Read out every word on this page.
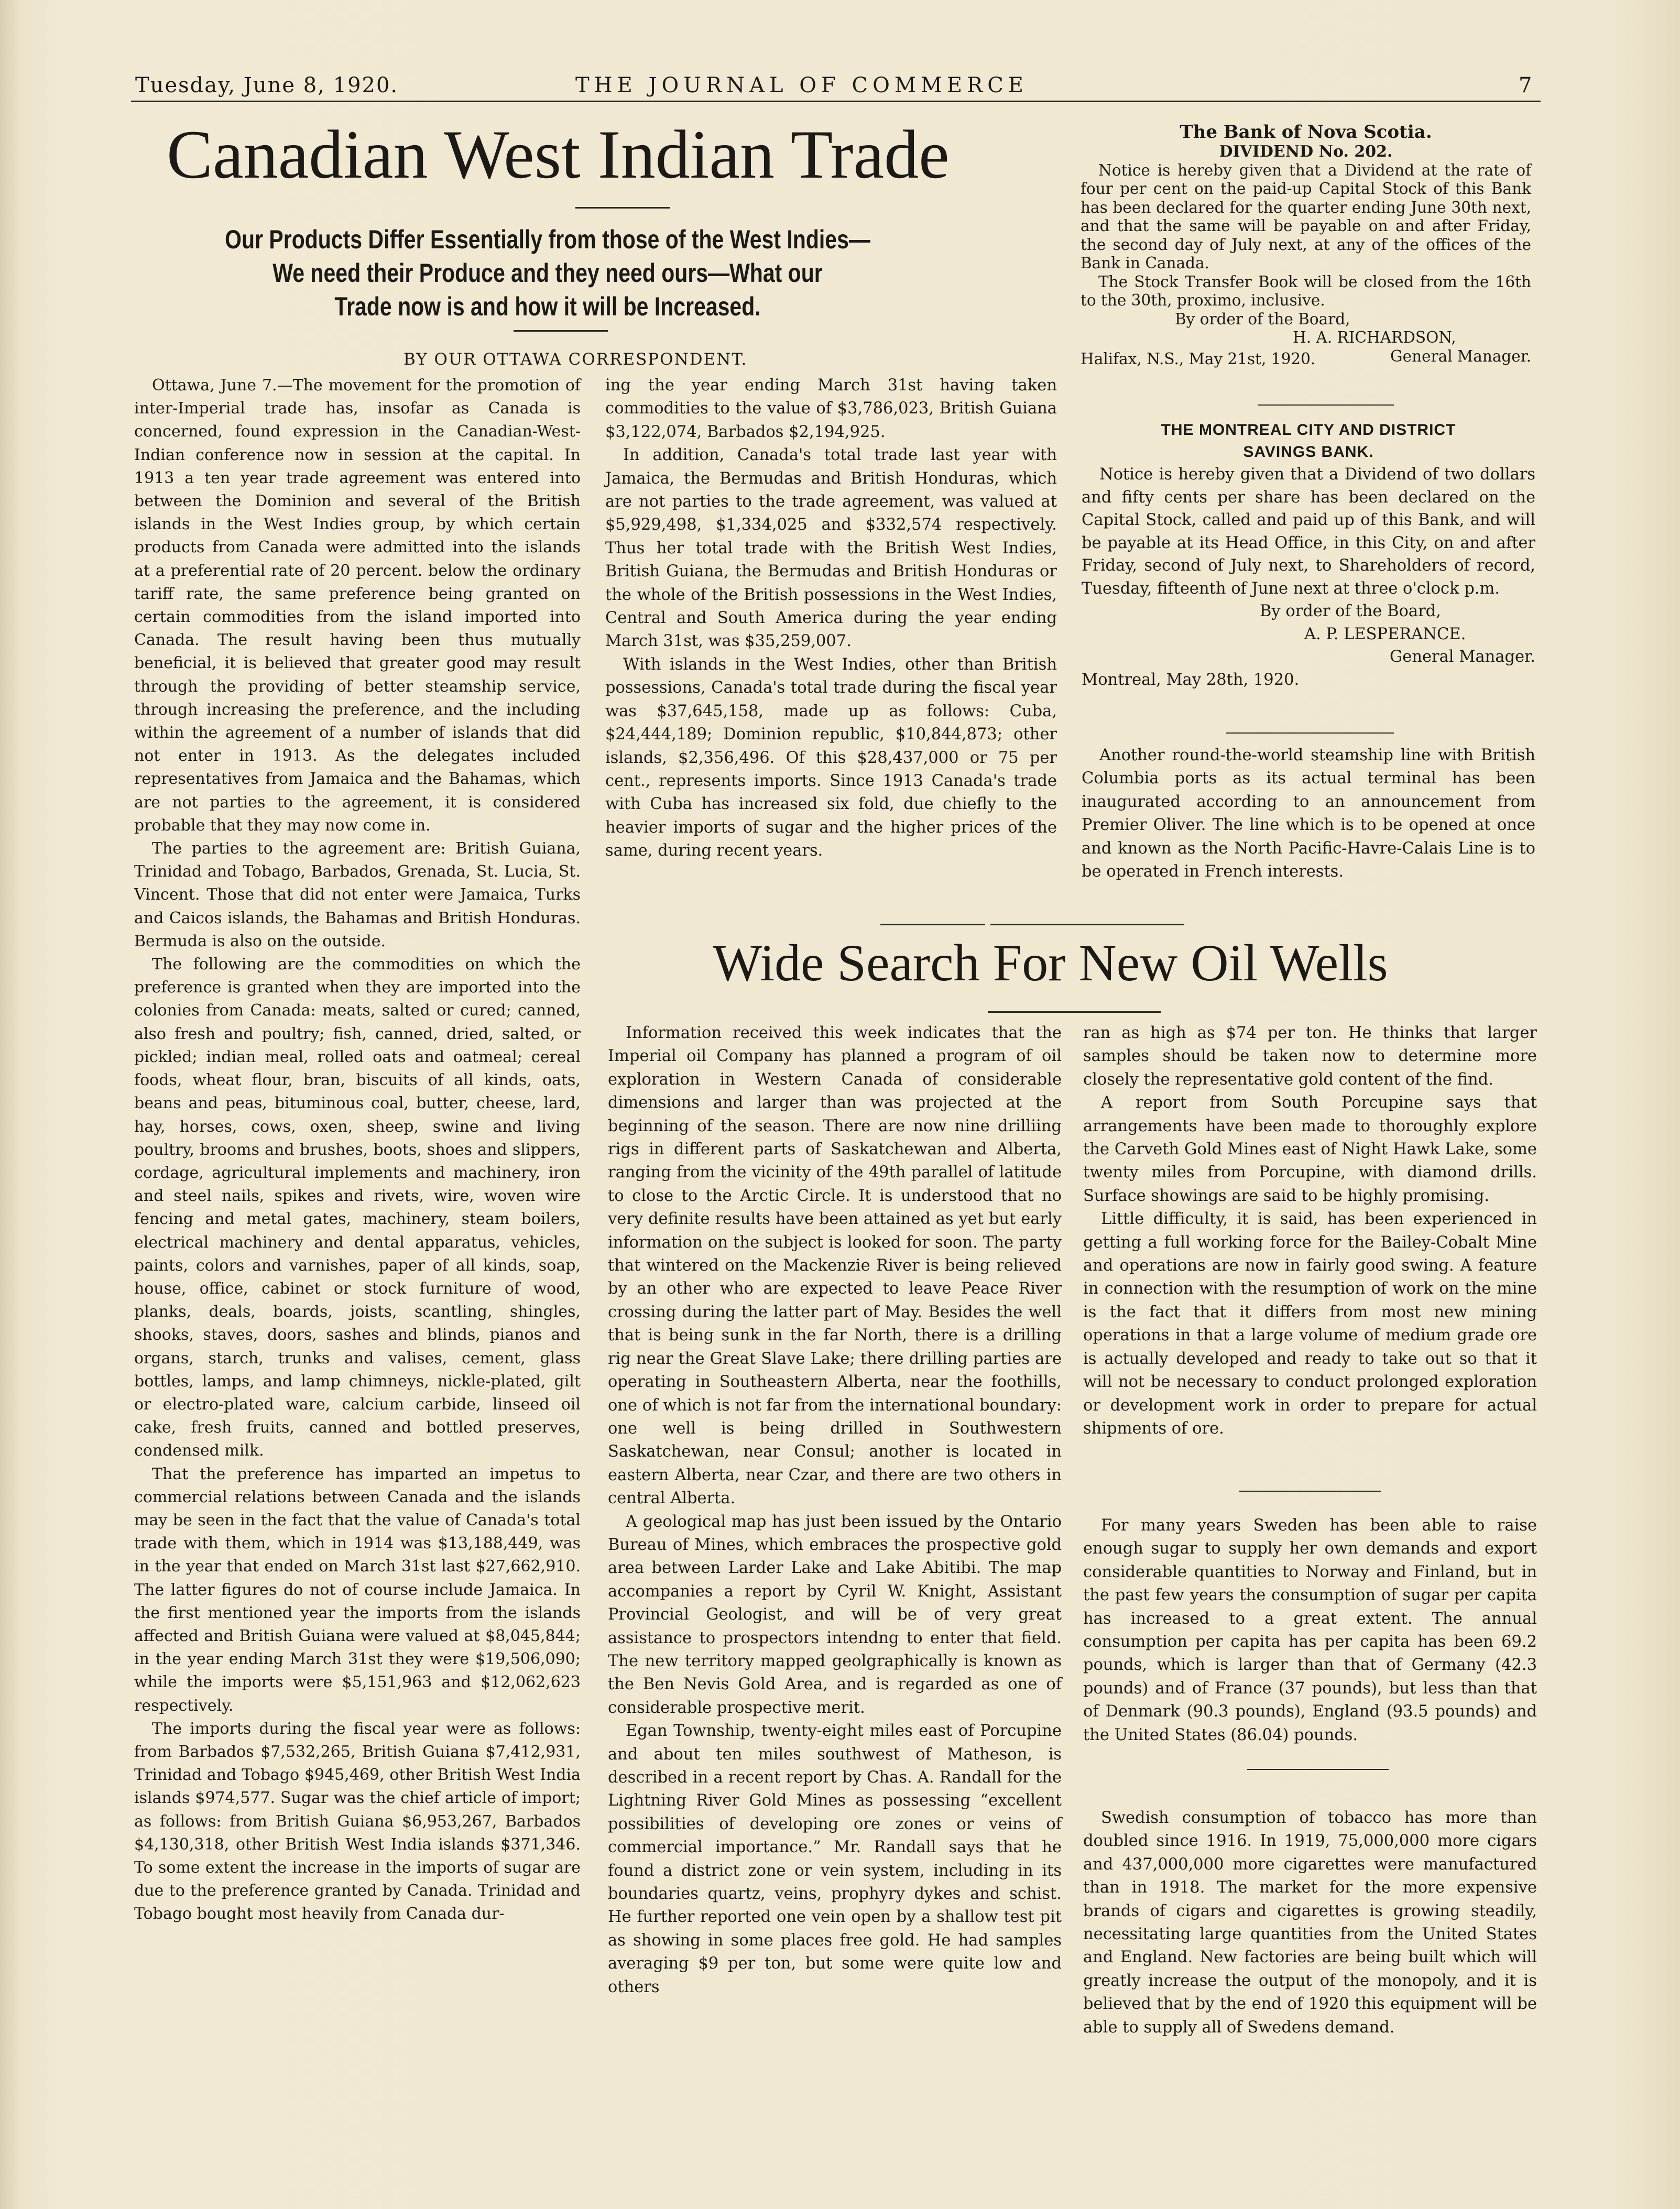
Tuesday, June 8, 1920.	THE JOURNAL OF COMMERCE	7
Canadian West Indian Trade
Our Products Differ Essentially from those of the West Indies—
We need their Produce and they need ours—What our
Trade now is and how it will be Increased.
BY OUR OTTAWA CORRESPONDENT.

Ottawa, June 7.—The movement for the promotion of inter-Imperial trade has, insofar as Canada is concerned, found expression in the Canadian-West-Indian conference now in session at the capital. In 1913 a ten year trade agreement was entered into between the Dominion and several of the British islands in the West Indies group, by which certain products from Canada were admitted into the islands at a preferential rate of 20 percent. below the ordinary tariff rate, the same preference being granted on certain commodities from the island imported into Canada. The result having been thus mutually beneficial, it is believed that greater good may result through the providing of better steamship service, through increasing the preference, and the including within the agreement of a number of islands that did not enter in 1913. As the delegates included representatives from Jamaica and the Bahamas, which are not parties to the agreement, it is considered probable that they may now come in.

The parties to the agreement are: British Guiana, Trinidad and Tobago, Barbados, Grenada, St. Lucia, St. Vincent. Those that did not enter were Jamaica, Turks and Caicos islands, the Bahamas and British Honduras. Bermuda is also on the outside.

The following are the commodities on which the preference is granted when they are imported into the colonies from Canada: meats, salted or cured; canned, also fresh and poultry; fish, canned, dried, salted, or pickled; indian meal, rolled oats and oatmeal; cereal foods, wheat flour, bran, biscuits of all kinds, oats, beans and peas, bituminous coal, butter, cheese, lard, hay, horses, cows, oxen, sheep, swine and living poultry, brooms and brushes, boots, shoes and slippers, cordage, agricultural implements and machinery, iron and steel nails, spikes and rivets, wire, woven wire fencing and metal gates, machinery, steam boilers, electrical machinery and dental apparatus, vehicles, paints, colors and varnishes, paper of all kinds, soap, house, office, cabinet or stock furniture of wood, planks, deals, boards, joists, scantling, shingles, shooks, staves, doors, sashes and blinds, pianos and organs, starch, trunks and valises, cement, glass bottles, lamps, and lamp chimneys, nickle-plated, gilt or electro-plated ware, calcium carbide, linseed oil cake, fresh fruits, canned and bottled preserves, condensed milk.

That the preference has imparted an impetus to commercial relations between Canada and the islands may be seen in the fact that the value of Canada's total trade with them, which in 1914 was $13,188,449, was in the year that ended on March 31st last $27,662,910. The latter figures do not of course include Jamaica. In the first mentioned year the imports from the islands affected and British Guiana were valued at $8,045,844; in the year ending March 31st they were $19,506,090; while the imports were $5,151,963 and $12,062,623 respectively.

The imports during the fiscal year were as follows: from Barbados $7,532,265, British Guiana $7,412,931, Trinidad and Tobago $945,469, other British West India islands $974,577. Sugar was the chief article of import; as follows: from British Guiana $6,953,267, Barbados $4,130,318, other British West India islands $371,346. To some extent the increase in the imports of sugar are due to the preference granted by Canada. Trinidad and Tobago bought most heavily from Canada dur-

ing the year ending March 31st having taken commodities to the value of $3,786,023, British Guiana $3,122,074, Barbados $2,194,925.

In addition, Canada's total trade last year with Jamaica, the Bermudas and British Honduras, which are not parties to the trade agreement, was valued at $5,929,498, $1,334,025 and $332,574 respectively. Thus her total trade with the British West Indies, British Guiana, the Bermudas and British Honduras or the whole of the British possessions in the West Indies, Central and South America during the year ending March 31st, was $35,259,007.

With islands in the West Indies, other than British possessions, Canada's total trade during the fiscal year was $37,645,158, made up as follows: Cuba, $24,444,189; Dominion republic, $10,844,873; other islands, $2,356,496. Of this $28,437,000 or 75 per cent., represents imports. Since 1913 Canada's trade with Cuba has increased six fold, due chiefly to the heavier imports of sugar and the higher prices of the same, during recent years.

The Bank of Nova Scotia.
DIVIDEND No. 202.
Notice is hereby given that a Dividend at the rate of four per cent on the paid-up Capital Stock of this Bank has been declared for the quarter ending June 30th next, and that the same will be payable on and after Friday, the second day of July next, at any of the offices of the Bank in Canada.
The Stock Transfer Book will be closed from the 16th to the 30th, proximo, inclusive.
By order of the Board,
H. A. RICHARDSON,
General Manager.
Halifax, N.S., May 21st, 1920.
THE MONTREAL CITY AND DISTRICT
SAVINGS BANK.
Notice is hereby given that a Dividend of two dollars and fifty cents per share has been declared on the Capital Stock, called and paid up of this Bank, and will be payable at its Head Office, in this City, on and after Friday, second of July next, to Shareholders of record, Tuesday, fifteenth of June next at three o'clock p.m.
By order of the Board,
A. P. LESPERANCE.
General Manager.
Montreal, May 28th, 1920.

Another round-the-world steamship line with British Columbia ports as its actual terminal has been inaugurated according to an announcement from Premier Oliver. The line which is to be opened at once and known as the North Pacific-Havre-Calais Line is to be operated in French interests.

Wide Search For New Oil Wells

Information received this week indicates that the Imperial oil Company has planned a program of oil exploration in Western Canada of considerable dimensions and larger than was projected at the beginning of the season. There are now nine drilliing rigs in different parts of Saskatchewan and Alberta, ranging from the vicinity of the 49th parallel of latitude to close to the Arctic Circle. It is understood that no very definite results have been attained as yet but early information on the subject is looked for soon. The party that wintered on the Mackenzie River is being relieved by an other who are expected to leave Peace River crossing during the latter part of May. Besides the well that is being sunk in the far North, there is a drilling rig near the Great Slave Lake; there drilling parties are operating in Southeastern Alberta, near the foothills, one of which is not far from the international boundary: one well is being drilled in Southwestern Saskatchewan, near Consul; another is located in eastern Alberta, near Czar, and there are two others in central Alberta.

A geological map has just been issued by the Ontario Bureau of Mines, which embraces the prospective gold area between Larder Lake and Lake Abitibi. The map accompanies a report by Cyril W. Knight, Assistant Provincial Geologist, and will be of very great assistance to prospectors intendng to enter that field. The new territory mapped geolgraphically is known as the Ben Nevis Gold Area, and is regarded as one of considerable prospective merit.

Egan Township, twenty-eight miles east of Porcupine and about ten miles southwest of Matheson, is described in a recent report by Chas. A. Randall for the Lightning River Gold Mines as possessing “excellent possibilities of developing ore zones or veins of commercial importance.” Mr. Randall says that he found a district zone or vein system, including in its boundaries quartz, veins, prophyry dykes and schist. He further reported one vein open by a shallow test pit as showing in some places free gold. He had samples averaging $9 per ton, but some were quite low and others

ran as high as $74 per ton. He thinks that larger samples should be taken now to determine more closely the representative gold content of the find.

A report from South Porcupine says that arrangements have been made to thoroughly explore the Carveth Gold Mines east of Night Hawk Lake, some twenty miles from Porcupine, with diamond drills. Surface showings are said to be highly promising.

Little difficulty, it is said, has been experienced in getting a full working force for the Bailey-Cobalt Mine and operations are now in fairly good swing. A feature in connection with the resumption of work on the mine is the fact that it differs from most new mining operations in that a large volume of medium grade ore is actually developed and ready to take out so that it will not be necessary to conduct prolonged exploration or development work in order to prepare for actual shipments of ore.

For many years Sweden has been able to raise enough sugar to supply her own demands and export considerable quantities to Norway and Finland, but in the past few years the consumption of sugar per capita has increased to a great extent. The annual consumption per capita has per capita has been 69.2 pounds, which is larger than that of Germany (42.3 pounds) and of France (37 pounds), but less than that of Denmark (90.3 pounds), England (93.5 pounds) and the United States (86.04) pounds.

Swedish consumption of tobacco has more than doubled since 1916. In 1919, 75,000,000 more cigars and 437,000,000 more cigarettes were manufactured than in 1918. The market for the more expensive brands of cigars and cigarettes is growing steadily, necessitating large quantities from the United States and England. New factories are being built which will greatly increase the output of the monopoly, and it is believed that by the end of 1920 this equipment will be able to supply all of Swedens demand.
